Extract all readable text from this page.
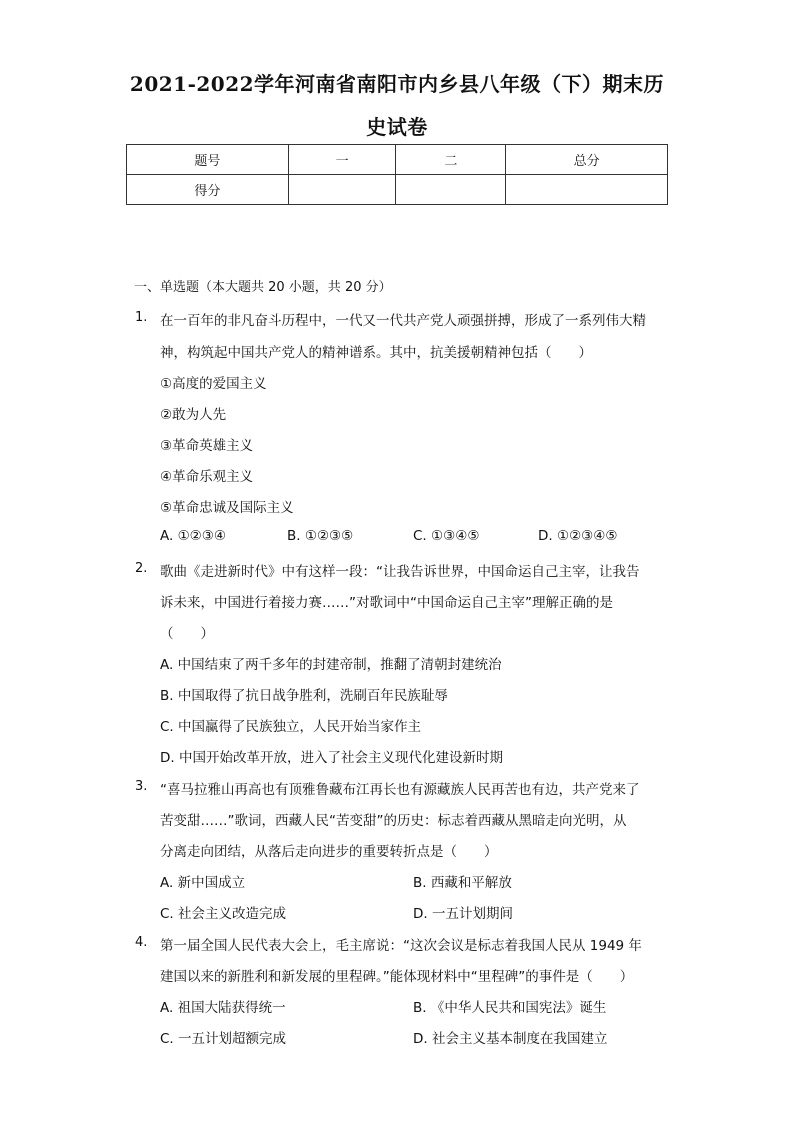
2021-2022学年河南省南阳市内乡县八年级（下）期末历
史试卷
题号	一	二	总分
得分			
一、单选题（本大题共 20 小题，共 20 分）
1. 在一百年的非凡奋斗历程中，一代又一代共产党人顽强拼搏，形成了一系列伟大精
神，构筑起中国共产党人的精神谱系。其中，抗美援朝精神包括（　　）
①高度的爱国主义
②敢为人先
③革命英雄主义
④革命乐观主义
⑤革命忠诚及国际主义
A. ①②③④	B. ①②③⑤	C. ①③④⑤	D. ①②③④⑤
2. 歌曲《走进新时代》中有这样一段：“让我告诉世界，中国命运自己主宰，让我告
诉未来，中国进行着接力赛……”对歌词中“中国命运自己主宰”理解正确的是
（　　）
A. 中国结束了两千多年的封建帝制，推翻了清朝封建统治
B. 中国取得了抗日战争胜利，洗刷百年民族耻辱
C. 中国赢得了民族独立，人民开始当家作主
D. 中国开始改革开放，进入了社会主义现代化建设新时期
3. “喜马拉雅山再高也有顶雅鲁藏布江再长也有源藏族人民再苦也有边，共产党来了
苦变甜……”歌词，西藏人民“苦变甜”的历史：标志着西藏从黑暗走向光明，从
分离走向团结，从落后走向进步的重要转折点是（　　）
A. 新中国成立	B. 西藏和平解放
C. 社会主义改造完成	D. 一五计划期间
4. 第一届全国人民代表大会上，毛主席说：“这次会议是标志着我国人民从 1949 年
建国以来的新胜利和新发展的里程碑。”能体现材料中“里程碑”的事件是（　　）
A. 祖国大陆获得统一	B. 《中华人民共和国宪法》诞生
C. 一五计划超额完成	D. 社会主义基本制度在我国建立
